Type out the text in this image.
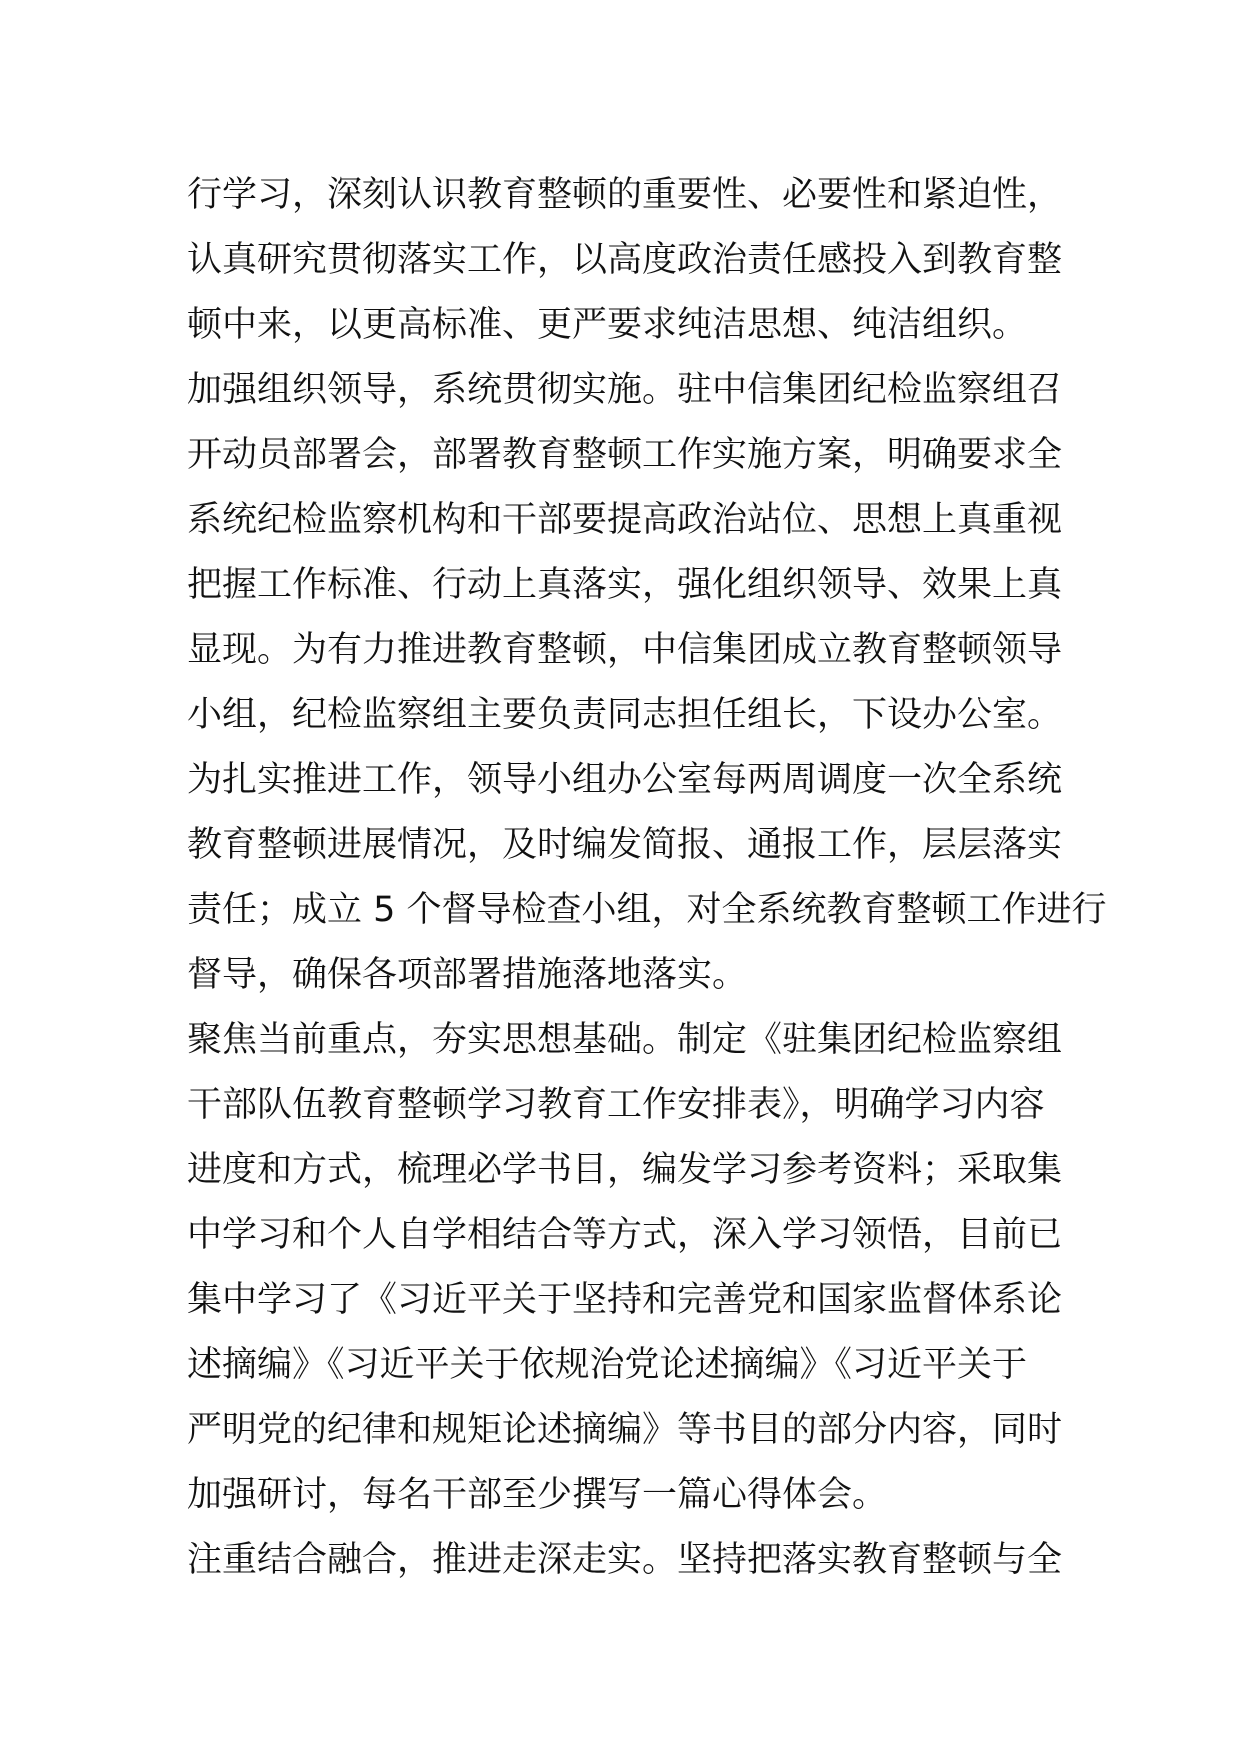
行学习，深刻认识教育整顿的重要性、必要性和紧迫性，
认真研究贯彻落实工作，以高度政治责任感投入到教育整
顿中来，以更高标准、更严要求纯洁思想、纯洁组织。
加强组织领导，系统贯彻实施。驻中信集团纪检监察组召
开动员部署会，部署教育整顿工作实施方案，明确要求全
系统纪检监察机构和干部要提高政治站位、思想上真重视
把握工作标准、行动上真落实，强化组织领导、效果上真
显现。为有力推进教育整顿，中信集团成立教育整顿领导
小组，纪检监察组主要负责同志担任组长，下设办公室。
为扎实推进工作，领导小组办公室每两周调度一次全系统
教育整顿进展情况，及时编发简报、通报工作，层层落实
责任；成立 5 个督导检查小组，对全系统教育整顿工作进行
督导，确保各项部署措施落地落实。
聚焦当前重点，夯实思想基础。制定《驻集团纪检监察组
干部队伍教育整顿学习教育工作安排表》，明确学习内容
进度和方式，梳理必学书目，编发学习参考资料；采取集
中学习和个人自学相结合等方式，深入学习领悟，目前已
集中学习了《习近平关于坚持和完善党和国家监督体系论
述摘编》《习近平关于依规治党论述摘编》《习近平关于
严明党的纪律和规矩论述摘编》等书目的部分内容，同时
加强研讨，每名干部至少撰写一篇心得体会。
注重结合融合，推进走深走实。坚持把落实教育整顿与全
